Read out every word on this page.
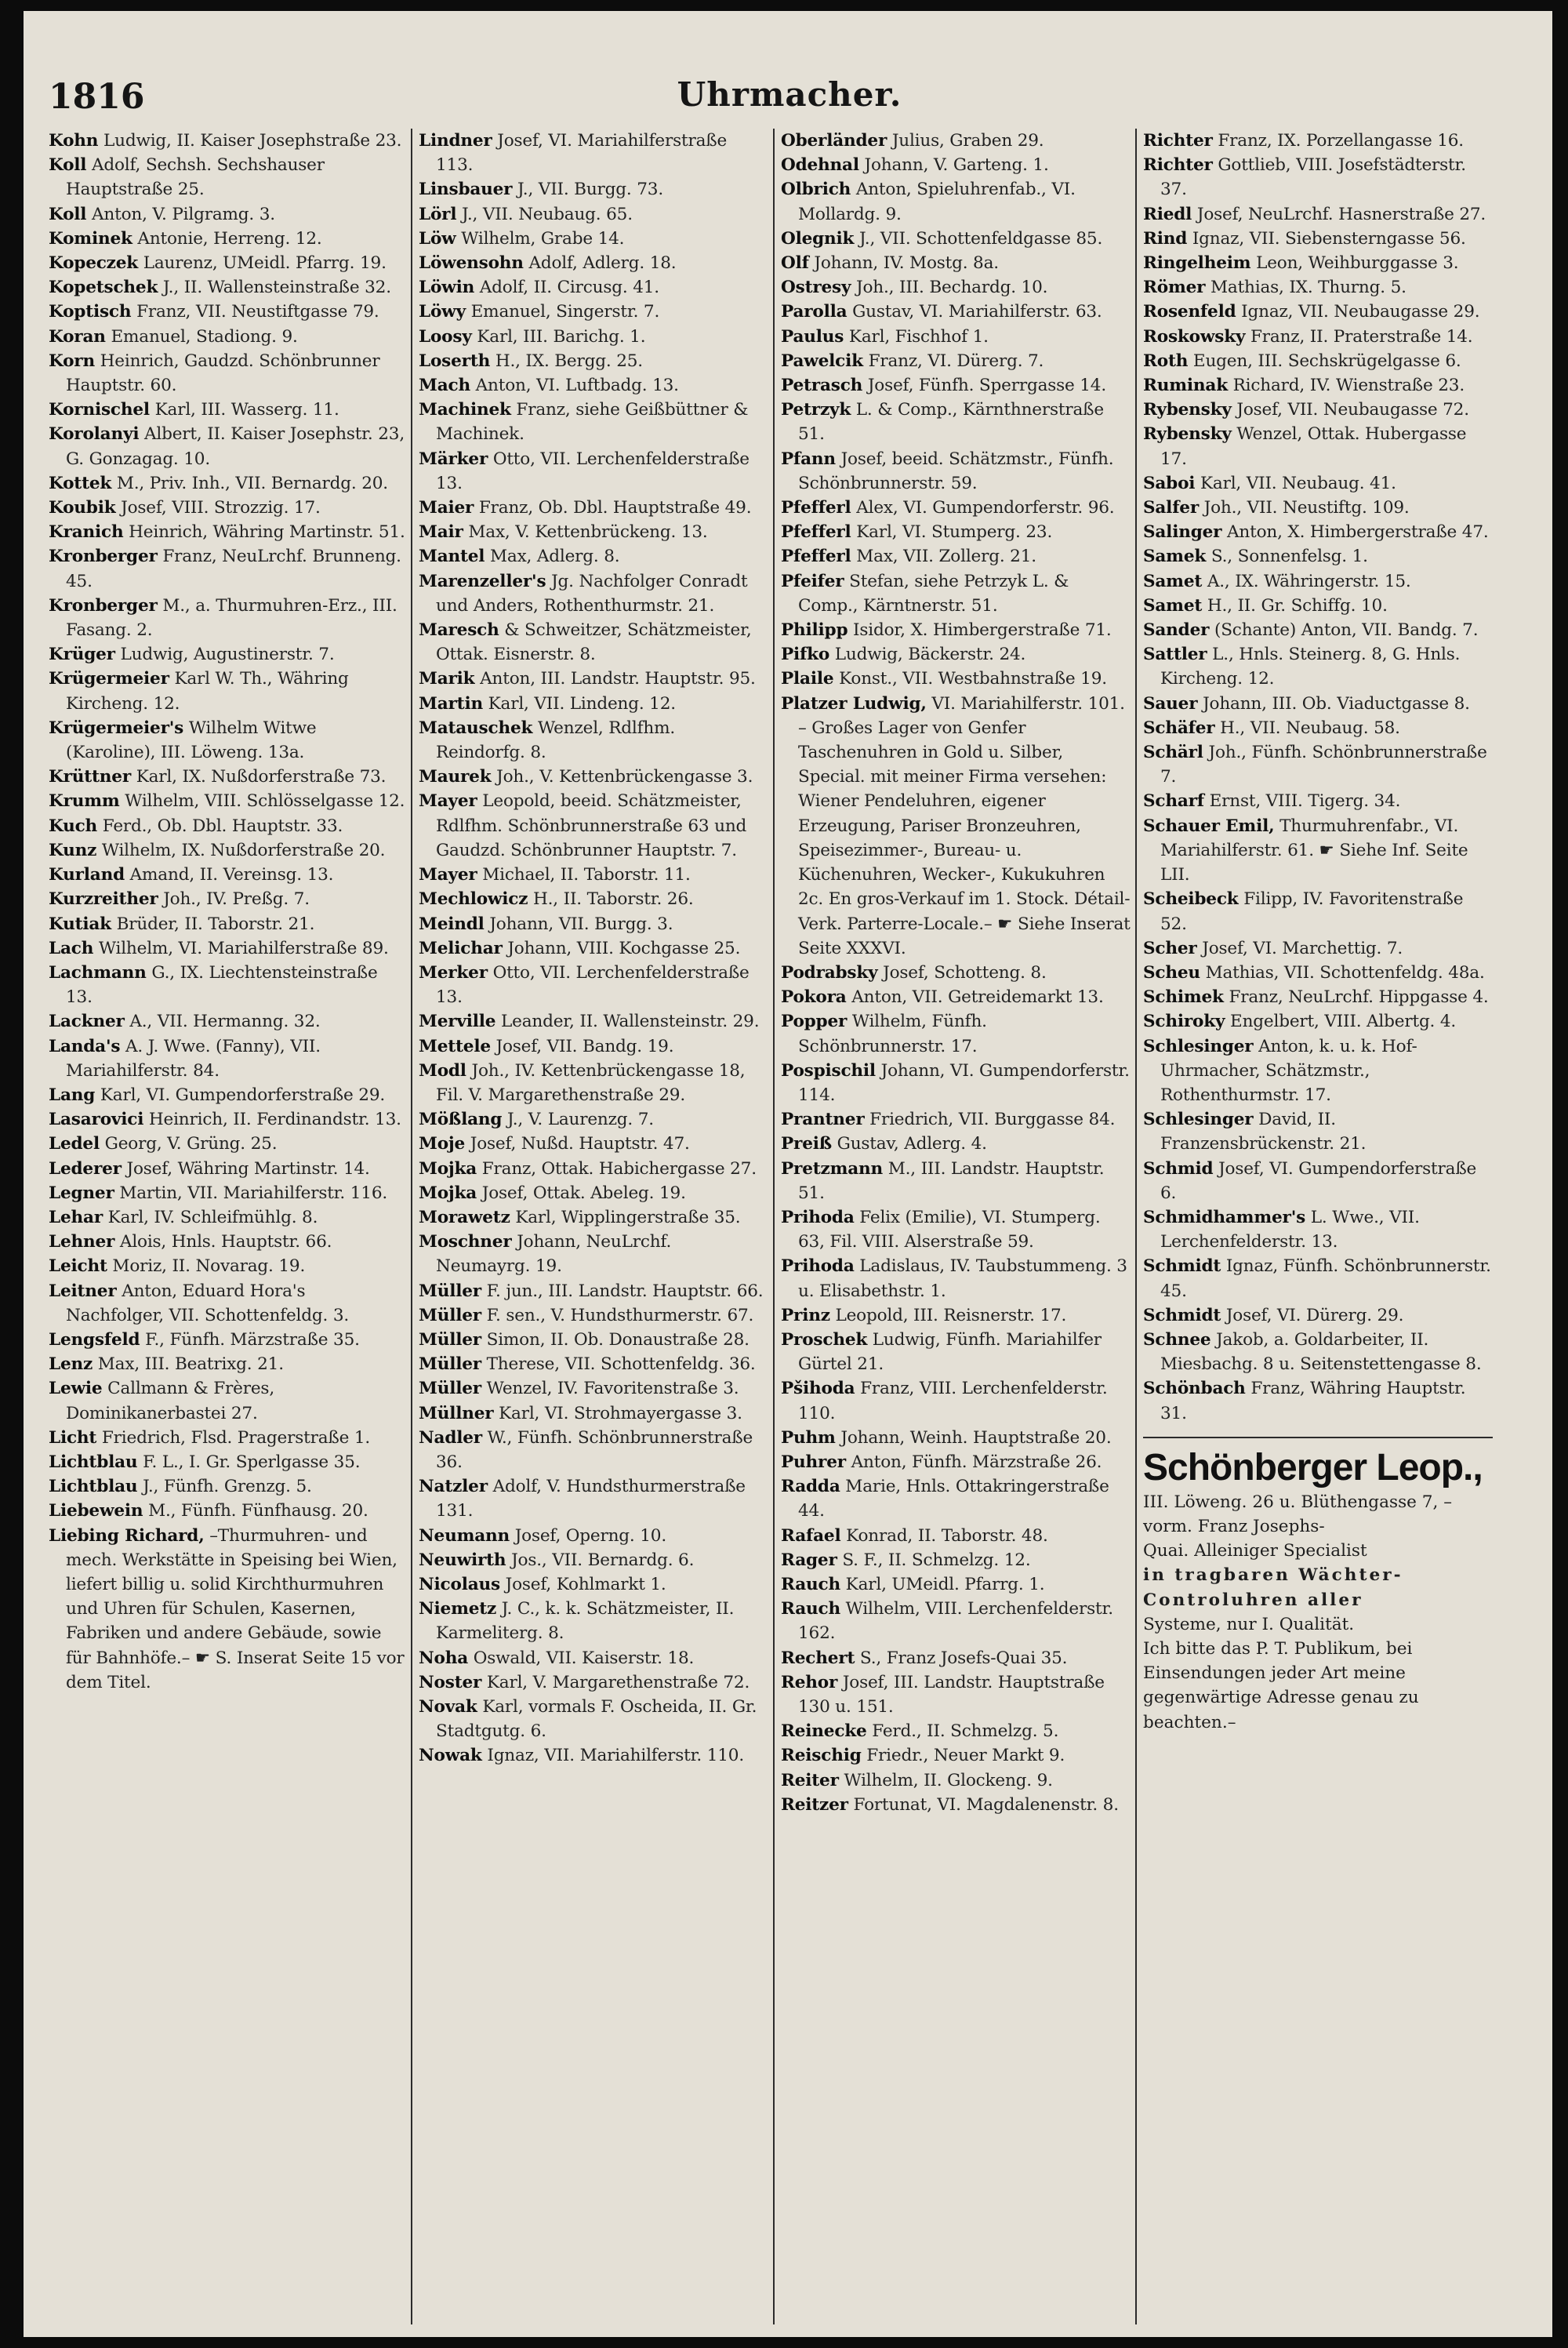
1816	Uhrmacher.
Kohn Ludwig, II. Kaiser Josephstraße 23.
Koll Adolf, Sechsh. Sechshauser Hauptstraße 25.
Koll Anton, V. Pilgramg. 3.
Kominek Antonie, Herreng. 12.
Kopeczek Laurenz, UMeidl. Pfarrg. 19.
Kopetschek J., II. Wallensteinstraße 32.
Koptisch Franz, VII. Neustiftgasse 79.
Koran Emanuel, Stadiong. 9.
Korn Heinrich, Gaudzd. Schönbrunner Hauptstr. 60.
Kornischel Karl, III. Wasserg. 11.
Korolanyi Albert, II. Kaiser Josephstr. 23, G. Gonzagag. 10.
Kottek M., Priv. Inh., VII. Bernardg. 20.
Koubik Josef, VIII. Strozzig. 17.
Kranich Heinrich, Währing Martinstr. 51.
Kronberger Franz, NeuLrchf. Brunneng. 45.
Kronberger M., a. Thurmuhren-Erz., III. Fasang. 2.
Krüger Ludwig, Augustinerstr. 7.
Krügermeier Karl W. Th., Währing Kircheng. 12.
Krügermeier's Wilhelm Witwe (Karoline), III. Löweng. 13a.
Krüttner Karl, IX. Nußdorferstraße 73.
Krumm Wilhelm, VIII. Schlösselgasse 12.
Kuch Ferd., Ob. Dbl. Hauptstr. 33.
Kunz Wilhelm, IX. Nußdorferstraße 20.
Kurland Amand, II. Vereinsg. 13.
Kurzreither Joh., IV. Preßg. 7.
Kutiak Brüder, II. Taborstr. 21.
Lach Wilhelm, VI. Mariahilferstraße 89.
Lachmann G., IX. Liechtensteinstraße 13.
Lackner A., VII. Hermanng. 32.
Landa's A. J. Wwe. (Fanny), VII. Mariahilferstr. 84.
Lang Karl, VI. Gumpendorferstraße 29.
Lasarovici Heinrich, II. Ferdinandstr. 13.
Ledel Georg, V. Grüng. 25.
Lederer Josef, Währing Martinstr. 14.
Legner Martin, VII. Mariahilferstr. 116.
Lehar Karl, IV. Schleifmühlg. 8.
Lehner Alois, Hnls. Hauptstr. 66.
Leicht Moriz, II. Novarag. 19.
Leitner Anton, Eduard Hora's Nachfolger, VII. Schottenfeldg. 3.
Lengsfeld F., Fünfh. Märzstraße 35.
Lenz Max, III. Beatrixg. 21.
Lewie Callmann & Frères, Dominikanerbastei 27.
Licht Friedrich, Flsd. Pragerstraße 1.
Lichtblau F. L., I. Gr. Sperlgasse 35.
Lichtblau J., Fünfh. Grenzg. 5.
Liebewein M., Fünfh. Fünfhausg. 20.
Liebing Richard, –Thurmuhren- und mech. Werkstätte in Speising bei Wien, liefert billig u. solid Kirchthurmuhren und Uhren für Schulen, Kasernen, Fabriken und andere Gebäude, sowie für Bahnhöfe.– ☛ S. Inserat Seite 15 vor dem Titel.
Lindner Josef, VI. Mariahilferstraße 113.
Linsbauer J., VII. Burgg. 73.
Lörl J., VII. Neubaug. 65.
Löw Wilhelm, Grabe 14.
Löwensohn Adolf, Adlerg. 18.
Löwin Adolf, II. Circusg. 41.
Löwy Emanuel, Singerstr. 7.
Loosy Karl, III. Barichg. 1.
Loserth H., IX. Bergg. 25.
Mach Anton, VI. Luftbadg. 13.
Machinek Franz, siehe Geißbüttner & Machinek.
Märker Otto, VII. Lerchenfelderstraße 13.
Maier Franz, Ob. Dbl. Hauptstraße 49.
Mair Max, V. Kettenbrückeng. 13.
Mantel Max, Adlerg. 8.
Marenzeller's Jg. Nachfolger Conradt und Anders, Rothenthurmstr. 21.
Maresch & Schweitzer, Schätzmeister, Ottak. Eisnerstr. 8.
Marik Anton, III. Landstr. Hauptstr. 95.
Martin Karl, VII. Lindeng. 12.
Matauschek Wenzel, Rdlfhm. Reindorfg. 8.
Maurek Joh., V. Kettenbrückengasse 3.
Mayer Leopold, beeid. Schätzmeister, Rdlfhm. Schönbrunnerstraße 63 und Gaudzd. Schönbrunner Hauptstr. 7.
Mayer Michael, II. Taborstr. 11.
Mechlowicz H., II. Taborstr. 26.
Meindl Johann, VII. Burgg. 3.
Melichar Johann, VIII. Kochgasse 25.
Merker Otto, VII. Lerchenfelderstraße 13.
Merville Leander, II. Wallensteinstr. 29.
Mettele Josef, VII. Bandg. 19.
Modl Joh., IV. Kettenbrückengasse 18, Fil. V. Margarethenstraße 29.
Mößlang J., V. Laurenzg. 7.
Moje Josef, Nußd. Hauptstr. 47.
Mojka Franz, Ottak. Habichergasse 27.
Mojka Josef, Ottak. Abeleg. 19.
Morawetz Karl, Wipplingerstraße 35.
Moschner Johann, NeuLrchf. Neumayrg. 19.
Müller F. jun., III. Landstr. Hauptstr. 66.
Müller F. sen., V. Hundsthurmerstr. 67.
Müller Simon, II. Ob. Donaustraße 28.
Müller Therese, VII. Schottenfeldg. 36.
Müller Wenzel, IV. Favoritenstraße 3.
Müllner Karl, VI. Strohmayergasse 3.
Nadler W., Fünfh. Schönbrunnerstraße 36.
Natzler Adolf, V. Hundsthurmerstraße 131.
Neumann Josef, Operng. 10.
Neuwirth Jos., VII. Bernardg. 6.
Nicolaus Josef, Kohlmarkt 1.
Niemetz J. C., k. k. Schätzmeister, II. Karmeliterg. 8.
Noha Oswald, VII. Kaiserstr. 18.
Noster Karl, V. Margarethenstraße 72.
Novak Karl, vormals F. Oscheida, II. Gr. Stadtgutg. 6.
Nowak Ignaz, VII. Mariahilferstr. 110.
Oberländer Julius, Graben 29.
Odehnal Johann, V. Garteng. 1.
Olbrich Anton, Spieluhrenfab., VI. Mollardg. 9.
Olegnik J., VII. Schottenfeldgasse 85.
Olf Johann, IV. Mostg. 8a.
Ostresy Joh., III. Bechardg. 10.
Parolla Gustav, VI. Mariahilferstr. 63.
Paulus Karl, Fischhof 1.
Pawelcik Franz, VI. Dürerg. 7.
Petrasch Josef, Fünfh. Sperrgasse 14.
Petrzyk L. & Comp., Kärnthnerstraße 51.
Pfann Josef, beeid. Schätzmstr., Fünfh. Schönbrunnerstr. 59.
Pfefferl Alex, VI. Gumpendorferstr. 96.
Pfefferl Karl, VI. Stumperg. 23.
Pfefferl Max, VII. Zollerg. 21.
Pfeifer Stefan, siehe Petrzyk L. & Comp., Kärntnerstr. 51.
Philipp Isidor, X. Himbergerstraße 71.
Pifko Ludwig, Bäckerstr. 24.
Plaile Konst., VII. Westbahnstraße 19.
Platzer Ludwig, VI. Mariahilferstr. 101. – Großes Lager von Genfer Taschenuhren in Gold u. Silber, Special. mit meiner Firma versehen: Wiener Pendeluhren, eigener Erzeugung, Pariser Bronzeuhren, Speisezimmer-, Bureau- u. Küchenuhren, Wecker-, Kukukuhren 2c. En gros-Verkauf im 1. Stock. Détail-Verk. Parterre-Locale.– ☛ Siehe Inserat Seite XXXVI.
Podrabsky Josef, Schotteng. 8.
Pokora Anton, VII. Getreidemarkt 13.
Popper Wilhelm, Fünfh. Schönbrunnerstr. 17.
Pospischil Johann, VI. Gumpendorferstr. 114.
Prantner Friedrich, VII. Burggasse 84.
Preiß Gustav, Adlerg. 4.
Pretzmann M., III. Landstr. Hauptstr. 51.
Prihoda Felix (Emilie), VI. Stumperg. 63, Fil. VIII. Alserstraße 59.
Prihoda Ladislaus, IV. Taubstummeng. 3 u. Elisabethstr. 1.
Prinz Leopold, III. Reisnerstr. 17.
Proschek Ludwig, Fünfh. Mariahilfer Gürtel 21.
Pšihoda Franz, VIII. Lerchenfelderstr. 110.
Puhm Johann, Weinh. Hauptstraße 20.
Puhrer Anton, Fünfh. Märzstraße 26.
Radda Marie, Hnls. Ottakringerstraße 44.
Rafael Konrad, II. Taborstr. 48.
Rager S. F., II. Schmelzg. 12.
Rauch Karl, UMeidl. Pfarrg. 1.
Rauch Wilhelm, VIII. Lerchenfelderstr. 162.
Rechert S., Franz Josefs-Quai 35.
Rehor Josef, III. Landstr. Hauptstraße 130 u. 151.
Reinecke Ferd., II. Schmelzg. 5.
Reischig Friedr., Neuer Markt 9.
Reiter Wilhelm, II. Glockeng. 9.
Reitzer Fortunat, VI. Magdalenenstr. 8.
Richter Franz, IX. Porzellangasse 16.
Richter Gottlieb, VIII. Josefstädterstr. 37.
Riedl Josef, NeuLrchf. Hasnerstraße 27.
Rind Ignaz, VII. Siebensterngasse 56.
Ringelheim Leon, Weihburggasse 3.
Römer Mathias, IX. Thurng. 5.
Rosenfeld Ignaz, VII. Neubaugasse 29.
Roskowsky Franz, II. Praterstraße 14.
Roth Eugen, III. Sechskrügelgasse 6.
Ruminak Richard, IV. Wienstraße 23.
Rybensky Josef, VII. Neubaugasse 72.
Rybensky Wenzel, Ottak. Hubergasse 17.
Saboi Karl, VII. Neubaug. 41.
Salfer Joh., VII. Neustiftg. 109.
Salinger Anton, X. Himbergerstraße 47.
Samek S., Sonnenfelsg. 1.
Samet A., IX. Währingerstr. 15.
Samet H., II. Gr. Schiffg. 10.
Sander (Schante) Anton, VII. Bandg. 7.
Sattler L., Hnls. Steinerg. 8, G. Hnls. Kircheng. 12.
Sauer Johann, III. Ob. Viaductgasse 8.
Schäfer H., VII. Neubaug. 58.
Schärl Joh., Fünfh. Schönbrunnerstraße 7.
Scharf Ernst, VIII. Tigerg. 34.
Schauer Emil, Thurmuhrenfabr., VI. Mariahilferstr. 61. ☛ Siehe Inf. Seite LII.
Scheibeck Filipp, IV. Favoritenstraße 52.
Scher Josef, VI. Marchettig. 7.
Scheu Mathias, VII. Schottenfeldg. 48a.
Schimek Franz, NeuLrchf. Hippgasse 4.
Schiroky Engelbert, VIII. Albertg. 4.
Schlesinger Anton, k. u. k. Hof-Uhrmacher, Schätzmstr., Rothenthurmstr. 17.
Schlesinger David, II. Franzensbrückenstr. 21.
Schmid Josef, VI. Gumpendorferstraße 6.
Schmidhammer's L. Wwe., VII. Lerchenfelderstr. 13.
Schmidt Ignaz, Fünfh. Schönbrunnerstr. 45.
Schmidt Josef, VI. Dürerg. 29.
Schnee Jakob, a. Goldarbeiter, II. Miesbachg. 8 u. Seitenstettengasse 8.
Schönbach Franz, Währing Hauptstr. 31.
Schönberger Leop.,
III. Löweng. 26 u. Blüthengasse 7, –vorm. Franz Josephs-
Quai. Alleiniger Specialist
in tragbaren Wächter-
Controluhren aller
Systeme, nur I. Qualität.
Ich bitte das P. T. Publikum, bei Einsendungen jeder Art meine gegenwärtige Adresse genau zu beachten.–
